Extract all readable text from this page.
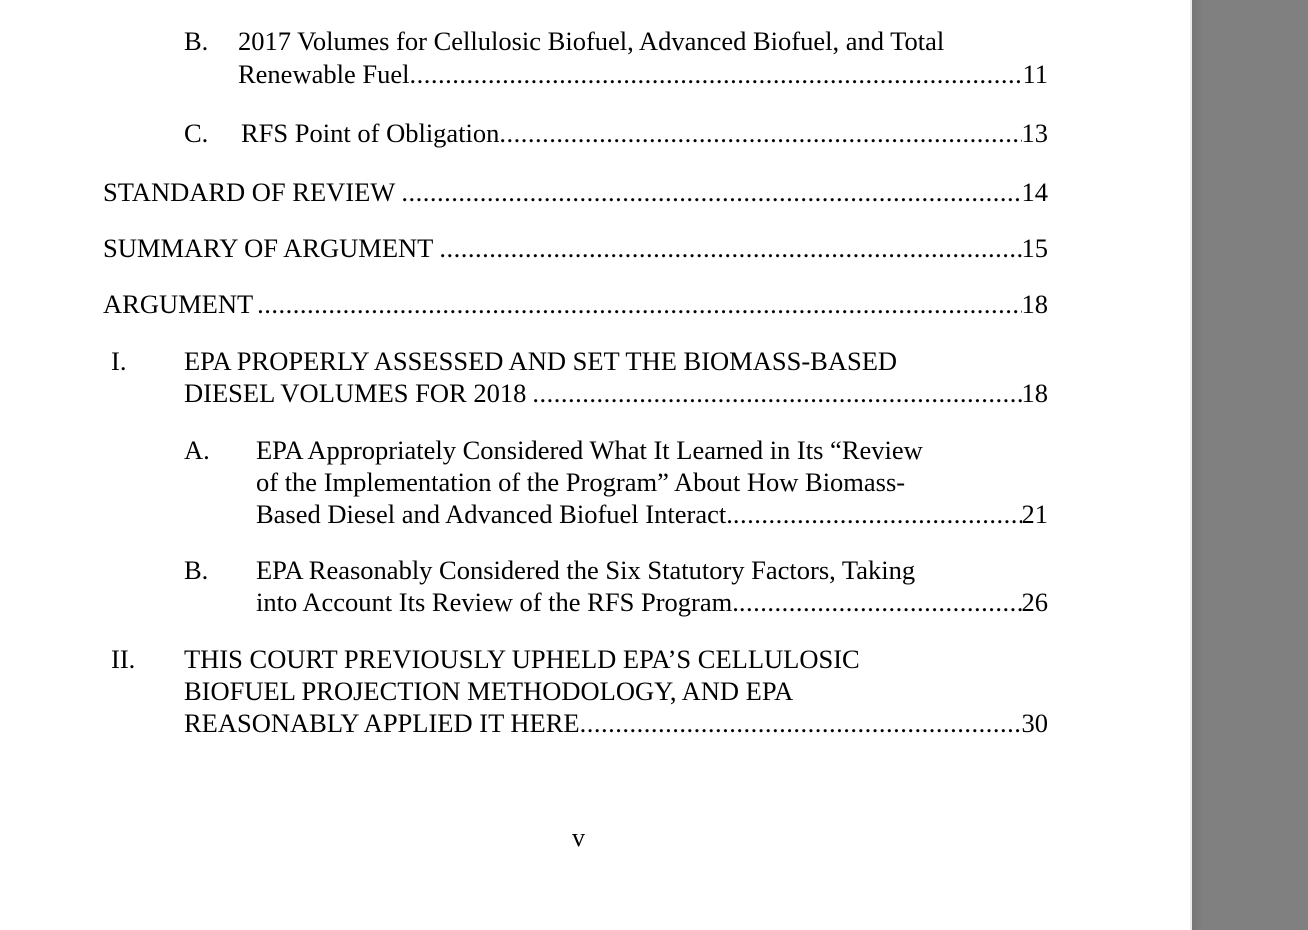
B. 2017 Volumes for Cellulosic Biofuel, Advanced Biofuel, and Total
Renewable Fuel .....	11
C. RFS Point of Obligation .....	13
STANDARD OF REVIEW .....	14
SUMMARY OF ARGUMENT .....	15
ARGUMENT .....	18
I. EPA PROPERLY ASSESSED AND SET THE BIOMASS-BASED
DIESEL VOLUMES FOR 2018 .....	18
A. EPA Appropriately Considered What It Learned in Its “Review
of the Implementation of the Program” About How Biomass-
Based Diesel and Advanced Biofuel Interact. .....	21
B. EPA Reasonably Considered the Six Statutory Factors, Taking
into Account Its Review of the RFS Program. .....	26
II. THIS COURT PREVIOUSLY UPHELD EPA’S CELLULOSIC
BIOFUEL PROJECTION METHODOLOGY, AND EPA
REASONABLY APPLIED IT HERE .....	30
v
